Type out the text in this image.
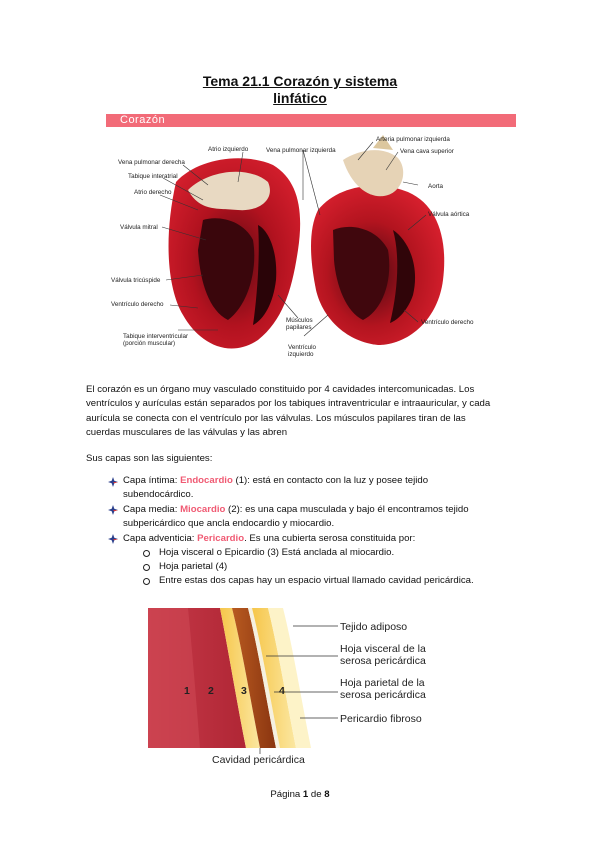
Tema 21.1 Corazón y sistema
linfático
Corazón
Atrio izquierdo
Vena pulmonar derecha
Tabique interatrial
Atrio derecho
Válvula mitral
Válvula tricúspide
Ventrículo derecho
Tabique interventricular
(porción muscular)
Vena pulmonar izquierda
Músculos
papilares
Ventrículo
izquierdo
Arteria pulmonar izquierda
Vena cava superior
Aorta
Válvula aórtica
Ventrículo derecho
El corazón es un órgano muy vasculado constituido por 4 cavidades intercomunicadas. Los
ventrículos y aurículas están separados por los tabiques intraventricular e intraauricular, y cada
aurícula se conecta con el ventrículo por las válvulas. Los músculos papilares tiran de las
cuerdas musculares de las válvulas y las abren
Sus capas son las siguientes:
Capa íntima: Endocardio (1): está en contacto con la luz y posee tejido
subendocárdico.
Capa media: Miocardio (2): es una capa musculada y bajo él encontramos tejido
subpericárdico que ancla endocardio y miocardio.
Capa adventicia: Pericardio. Es una cubierta serosa constituida por:
Hoja visceral o Epicardio (3) Está anclada al miocardio.
Hoja parietal (4)
Entre estas dos capas hay un espacio virtual llamado cavidad pericárdica.
1 2	3	4
Tejido adiposo
Hoja visceral de la
serosa pericárdica
Hoja parietal de la
serosa pericárdica
Pericardio fibroso
Cavidad pericárdica
Página 1 de 8
